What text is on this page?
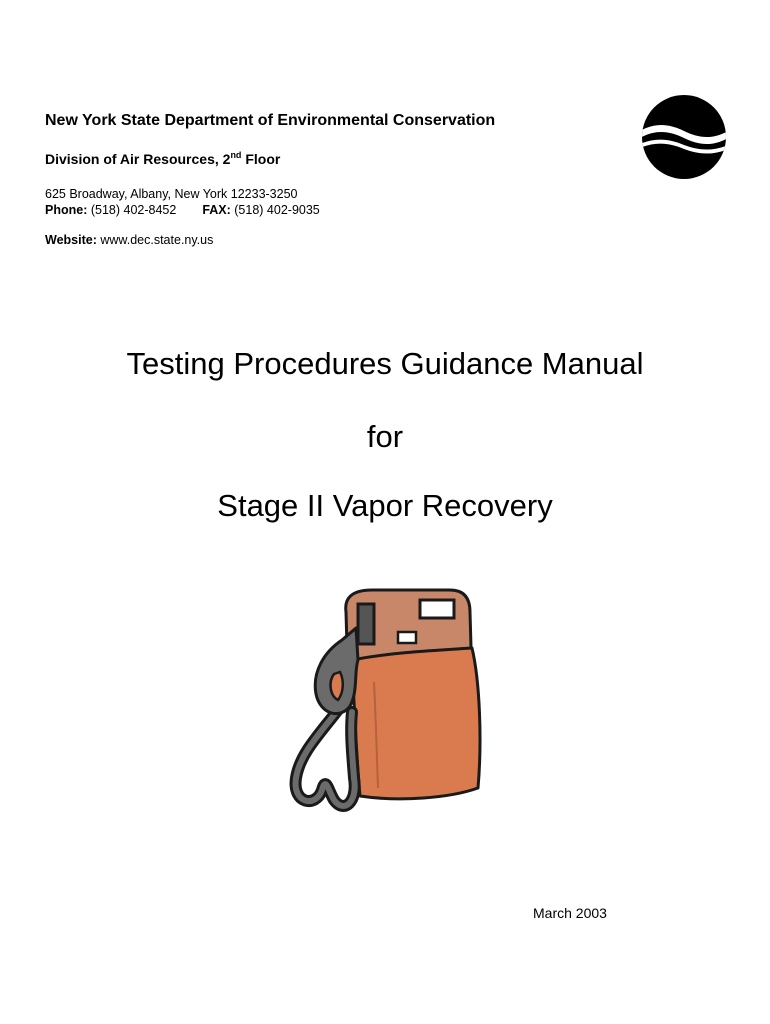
New York State Department of Environmental Conservation
Division of Air Resources, 2nd Floor
625 Broadway, Albany, New York 12233-3250
Phone: (518) 402-8452 FAX: (518) 402-9035
Website: www.dec.state.ny.us
Testing Procedures Guidance Manual
for
Stage II Vapor Recovery
March 2003
